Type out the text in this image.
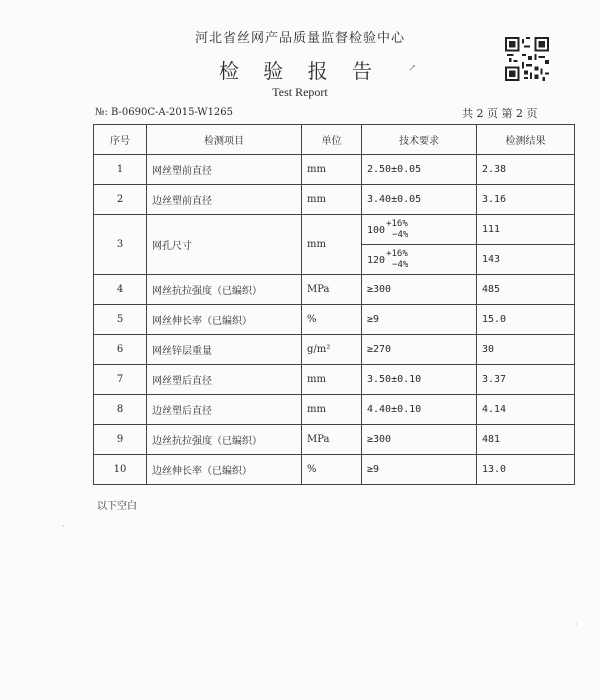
河北省丝网产品质量监督检验中心
检 验 报 告
Test Report
↗
№: B-0690C-A-2015-W1265	共 2 页 第 2 页
序号	检测项目	单位	技术要求	检测结果
1	网丝塑前直径	mm	2.50±0.05	2.38
2	边丝塑前直径	mm	3.40±0.05	3.16
3	网孔尺寸	mm	100
+16%
−4%	111
			120
+16%
−4%	143
4	网丝抗拉强度（已编织）	MPa	≥300	485
5	网丝伸长率（已编织）	%	≥9	15.0
6	网丝锌层重量	g/m²	≥270	30
7	网丝塑后直径	mm	3.50±0.10	3.37
8	边丝塑后直径	mm	4.40±0.10	4.14
9	边丝抗拉强度（已编织）	MPa	≥300	481
10	边丝伸长率（已编织）	%	≥9	13.0
以下空白
·
·
